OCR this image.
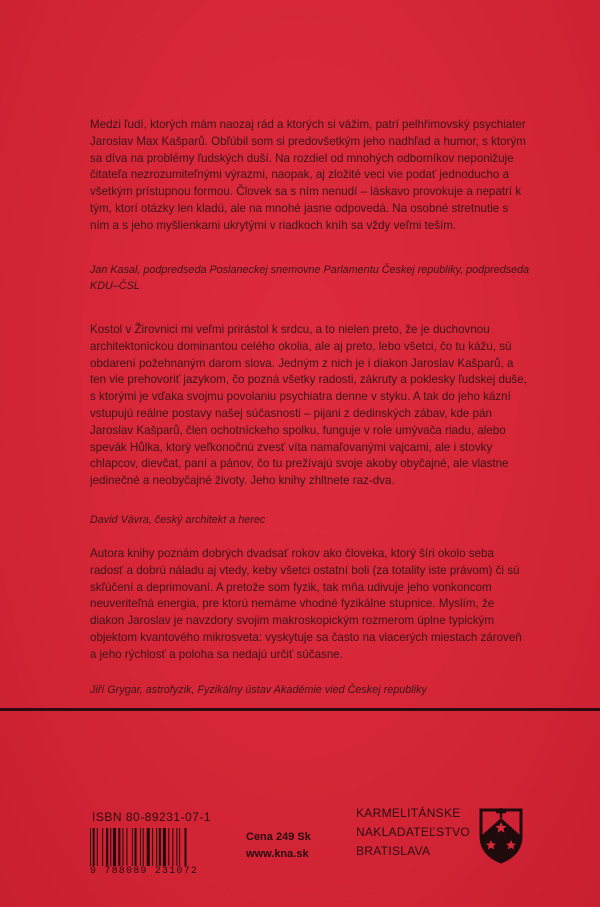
Medzi ľudí, ktorých mám naozaj rád a ktorých si vážim, patrí pelhřimovský psychiater Jaroslav Max Kašparů. Obľúbil som si predovšetkým jeho nadhľad a humor, s ktorým sa díva na problémy ľudských duší. Na rozdiel od mnohých odborníkov neponižuje čitateľa nezrozumiteľnými výrazmi, naopak, aj zložité veci vie podať jednoducho a všetkým prístupnou formou. Človek sa s ním nenudí – láskavo provokuje a nepatrí k tým, ktorí otázky len kladú, ale na mnohé jasne odpovedá. Na osobné stretnutie s ním a s jeho myšlienkami ukrytými v riadkoch kníh sa vždy veľmi teším.

Jan Kasal, podpredseda Poslaneckej snemovne Parlamentu Českej republiky, podpredseda KDU–ČSL

Kostol v Žirovnici mi veľmi prirástol k srdcu, a to nielen preto, že je duchovnou architektonickou dominantou celého okolia, ale aj preto, lebo všetci, čo tu kážu, sú obdarení požehnaným darom slova. Jedným z nich je i diakon Jaroslav Kašparů, a ten vie prehovoriť jazykom, čo pozná všetky radosti, zákruty a poklesky ľudskej duše, s ktorými je vďaka svojmu povolaniu psychiatra denne v styku. A tak do jeho kázní vstupujú reálne postavy našej súčasnosti – pijani z dedinských zábav, kde pán Jaroslav Kašparů, člen ochotníckeho spolku, funguje v role umývača riadu, alebo spevák Hůlka, ktorý veľkonočnú zvesť víta namaľovanými vajcami, ale i stovky chlapcov, dievčat, paní a pánov, čo tu prežívajú svoje akoby obyčajné, ale vlastne jedinečné a neobyčajné životy. Jeho knihy zhltnete raz-dva.

David Vávra, český architekt a herec

Autora knihy poznám dobrých dvadsať rokov ako človeka, ktorý šíri okolo seba radosť a dobrú náladu aj vtedy, keby všetci ostatní boli (za totality iste právom) či sú skľúčení a deprimovaní. A pretože som fyzik, tak mňa udivuje jeho vonkoncom neuveriteľná energia, pre ktorú nemáme vhodné fyzikálne stupnice. Myslím, že diakon Jaroslav je navzdory svojim makroskopickým rozmerom úplne typickým objektom kvantového mikrosveta: vyskytuje sa často na viacerých miestach zároveň a jeho rýchlosť a poloha sa nedajú určiť súčasne.

Jiří Grygar, astrofyzik, Fyzikálny ústav Akadémie vied Českej republiky

ISBN 80-89231-07-1

9 788089 231072

Cena 249 Sk
www.kna.sk
KARMELITÁNSKE
NAKLADATEĽSTVO
BRATISLAVA
